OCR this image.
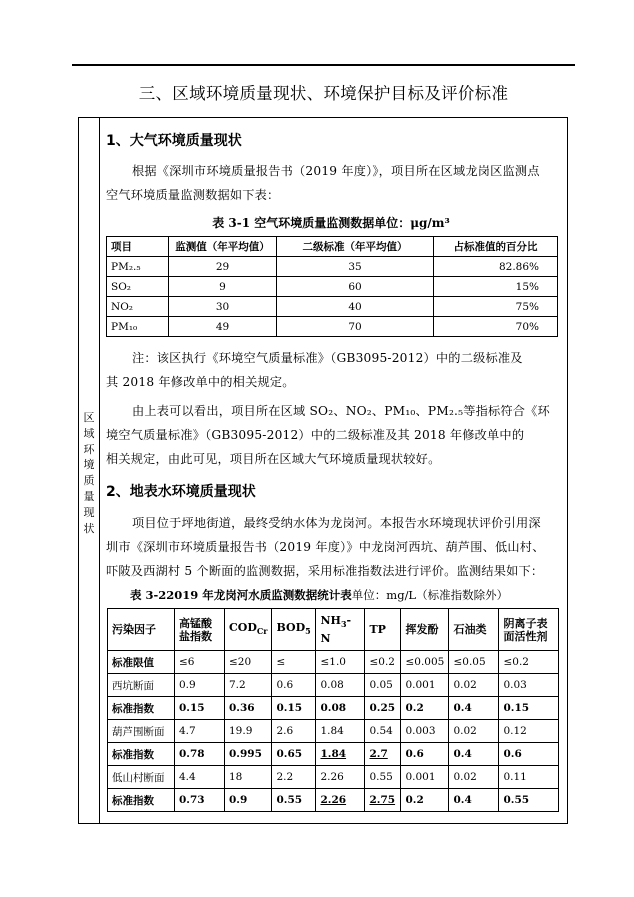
三、区域环境质量现状、环境保护目标及评价标准
区
域
环
境
质
量
现
状
1、大气环境质量现状
根据《深圳市环境质量报告书（2019 年度）》，项目所在区域龙岗区监测点
空气环境质量监测数据如下表：
表 3-1 空气环境质量监测数据单位：μg/m³
项目	监测值（年平均值）	二级标准（年平均值）	占标准值的百分比
PM₂.₅	29	35	82.86%
SO₂	9	60	15%
NO₂	30	40	75%
PM₁₀	49	70	70%
注：该区执行《环境空气质量标准》（GB3095-2012）中的二级标准及
其 2018 年修改单中的相关规定。
由上表可以看出，项目所在区域 SO₂、NO₂、PM₁₀、PM₂.₅等指标符合《环
境空气质量标准》（GB3095-2012）中的二级标准及其 2018 年修改单中的
相关规定，由此可见，项目所在区域大气环境质量现状较好。
2、地表水环境质量现状
项目位于坪地街道，最终受纳水体为龙岗河。本报告水环境现状评价引用深
圳市《深圳市环境质量报告书（2019 年度）》中龙岗河西坑、葫芦围、低山村、
吓陂及西湖村 5 个断面的监测数据，采用标准指数法进行评价。监测结果如下：
表 3-22019 年龙岗河水质监测数据统计表单位：mg/L（标准指数除外）
污染因子	高锰酸盐指数	$COD_{Cr}$	$BOD_5$	$NH_3-N$	TP	挥发酚	石油类	阴离子表面活性剂
标准限值	≤6	≤20	≤	≤1.0	≤0.2	≤0.005	≤0.05	≤0.2
西坑断面	0.9	7.2	0.6	0.08	0.05	0.001	0.02	0.03
标准指数	0.15	0.36	0.15	0.08	0.25	0.2	0.4	0.15
葫芦围断面	4.7	19.9	2.6	1.84	0.54	0.003	0.02	0.12
标准指数	0.78	0.995	0.65	1.84	2.7	0.6	0.4	0.6
低山村断面	4.4	18	2.2	2.26	0.55	0.001	0.02	0.11
标准指数	0.73	0.9	0.55	2.26	2.75	0.2	0.4	0.55
